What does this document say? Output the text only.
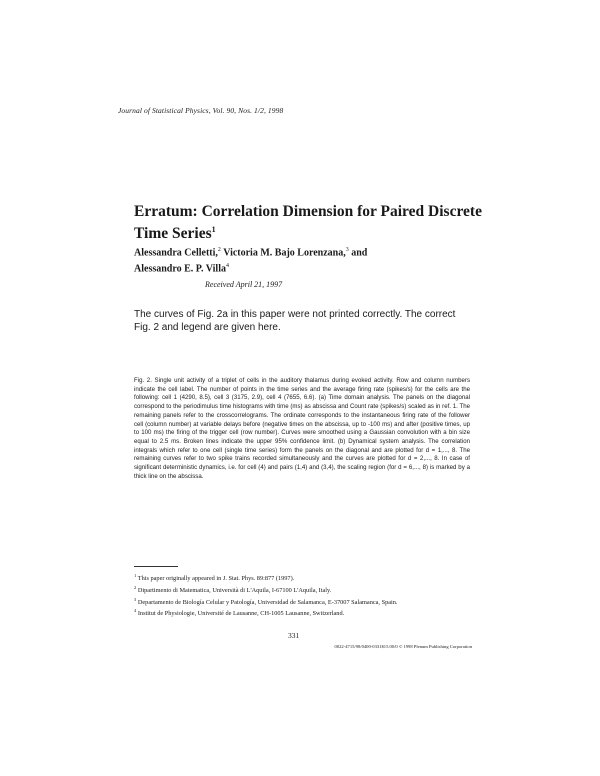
Journal of Statistical Physics, Vol. 90, Nos. 1/2, 1998
Erratum: Correlation Dimension for Paired Discrete Time Series$^1$
Alessandra Celletti,$^2$ Victoria M. Bajo Lorenzana,$^3$ and
Alessandro E. P. Villa$^4$
Received April 21, 1997
The curves of Fig. 2a in this paper were not printed correctly. The correct Fig. 2 and legend are given here.
Fig. 2. Single unit activity of a triplet of cells in the auditory thalamus during evoked activity. Row and column numbers indicate the cell label. The number of points in the time series and the average firing rate (spikes/s) for the cells are the following: cell 1 (4290, 8.5), cell 3 (3175, 2.9), cell 4 (7655, 6.6). (a) Time domain analysis. The panels on the diagonal correspond to the periodimulus time histograms with time (ms) as abscissa and Count rate (spikes/s) scaled as in ref. 1. The remaining panels refer to the crosscorrelograms. The ordinate corresponds to the instantaneous firing rate of the follower cell (column number) at variable delays before (negative times on the abscissa, up to -100 ms) and after (positive times, up to 100 ms) the firing of the trigger cell (row number). Curves were smoothed using a Gaussian convolution with a bin size equal to 2.5 ms. Broken lines indicate the upper 95% confidence limit. (b) Dynamical system analysis. The correlation integrals which refer to one cell (single time series) form the panels on the diagonal and are plotted for d = 1,..., 8. The remaining curves refer to two spike trains recorded simultaneously and the curves are plotted for d = 2,..., 8. In case of significant deterministic dynamics, i.e. for cell (4) and pairs (1,4) and (3,4), the scaling region (for d = 6,..., 8) is marked by a thick line on the abscissa.
$^1$ This paper originally appeared in J. Stat. Phys. 89:877 (1997).
$^2$ Dipartimento di Matematica, Università di L'Aquila, I-67100 L'Aquila, Italy.
$^3$ Departamento de Biología Celular y Patología, Universidad de Salamanca, E-37007 Salamanca, Spain.
$^4$ Institut de Physiologie, Université de Lausanne, CH-1005 Lausanne, Switzerland.
331
0022-4715/98/0400-0331$15.00/0 © 1998 Plenum Publishing Corporation
